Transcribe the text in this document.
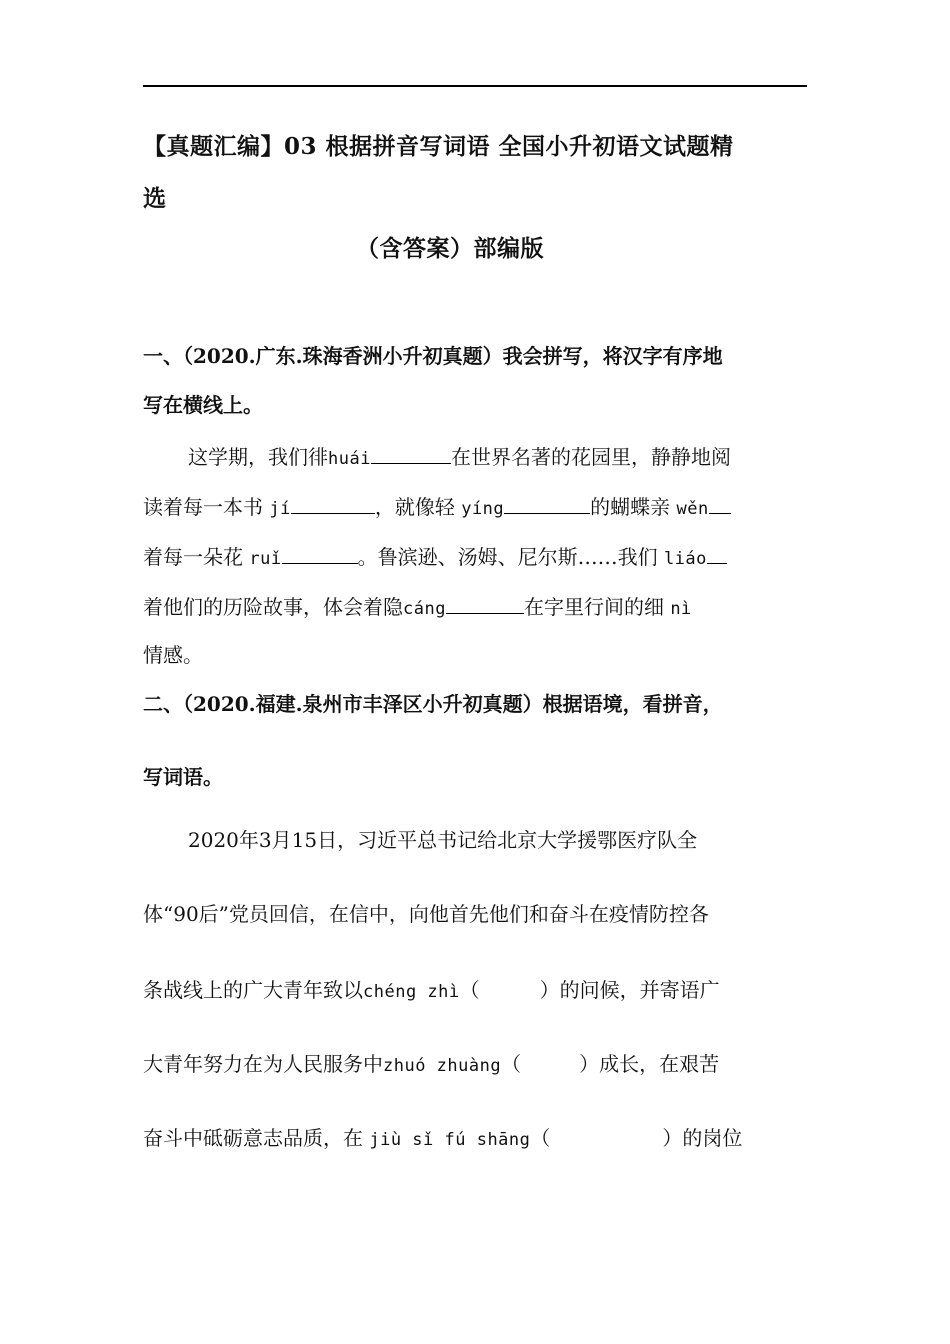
【真题汇编】03 根据拼音写词语 全国小升初语文试题精
选
（含答案）部编版
一、（2020.广东.珠海香洲小升初真题）我会拼写，将汉字有序地
写在横线上。
这学期，我们徘huái	在世界名著的花园里，静静地阅
读着每一本书 jí	，就像轻 yíng	的蝴蝶亲 wěn
着每一朵花 ruǐ	。鲁滨逊、汤姆、尼尔斯……我们 liáo
着他们的历险故事，体会着隐cáng	在字里行间的细 nì
情感。
二、（2020.福建.泉州市丰泽区小升初真题）根据语境，看拼音，
写词语。
2020年3月15日，习近平总书记给北京大学援鄂医疗队全
体“90后”党员回信，在信中，向他首先他们和奋斗在疫情防控各
条战线上的广大青年致以chéng zhì（	）的问候，并寄语广
大青年努力在为人民服务中zhuó zhuàng（	）成长，在艰苦
奋斗中砥砺意志品质，在 jiù sǐ fú shāng（	）的岗位
